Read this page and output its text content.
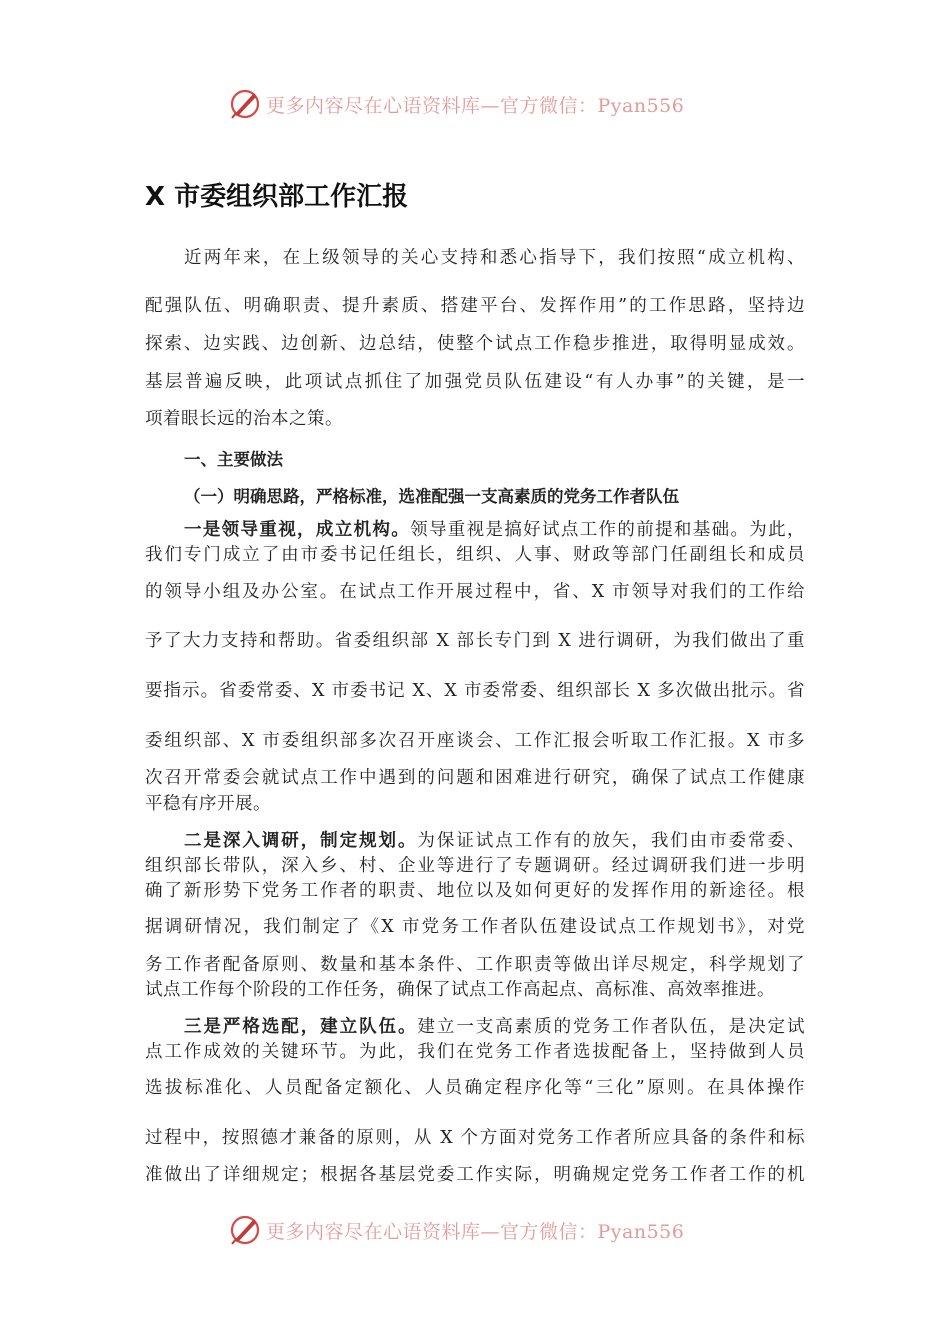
更多内容尽在心语资料库—官方微信：Pyan556
X 市委组织部工作汇报
近两年来，在上级领导的关心支持和悉心指导下，我们按照“成立机构、
配强队伍、明确职责、提升素质、搭建平台、发挥作用”的工作思路，坚持边
探索、边实践、边创新、边总结，使整个试点工作稳步推进，取得明显成效。
基层普遍反映，此项试点抓住了加强党员队伍建设“有人办事”的关键，是一
项着眼长远的治本之策。
一、主要做法
（一）明确思路，严格标准，选准配强一支高素质的党务工作者队伍
一是领导重视，成立机构。领导重视是搞好试点工作的前提和基础。为此，
我们专门成立了由市委书记任组长，组织、人事、财政等部门任副组长和成员
的领导小组及办公室。在试点工作开展过程中，省、X 市领导对我们的工作给
予了大力支持和帮助。省委组织部 X 部长专门到 X 进行调研，为我们做出了重
要指示。省委常委、X 市委书记 X、X 市委常委、组织部长 X 多次做出批示。省
委组织部、X 市委组织部多次召开座谈会、工作汇报会听取工作汇报。X 市多
次召开常委会就试点工作中遇到的问题和困难进行研究，确保了试点工作健康
平稳有序开展。
二是深入调研，制定规划。为保证试点工作有的放矢，我们由市委常委、
组织部长带队，深入乡、村、企业等进行了专题调研。经过调研我们进一步明
确了新形势下党务工作者的职责、地位以及如何更好的发挥作用的新途径。根
据调研情况，我们制定了《X 市党务工作者队伍建设试点工作规划书》，对党
务工作者配备原则、数量和基本条件、工作职责等做出详尽规定，科学规划了
试点工作每个阶段的工作任务，确保了试点工作高起点、高标准、高效率推进。
三是严格选配，建立队伍。建立一支高素质的党务工作者队伍，是决定试
点工作成效的关键环节。为此，我们在党务工作者选拔配备上，坚持做到人员
选拔标准化、人员配备定额化、人员确定程序化等“三化”原则。在具体操作
过程中，按照德才兼备的原则，从 X 个方面对党务工作者所应具备的条件和标
准做出了详细规定；根据各基层党委工作实际，明确规定党务工作者工作的机
更多内容尽在心语资料库—官方微信：Pyan556
